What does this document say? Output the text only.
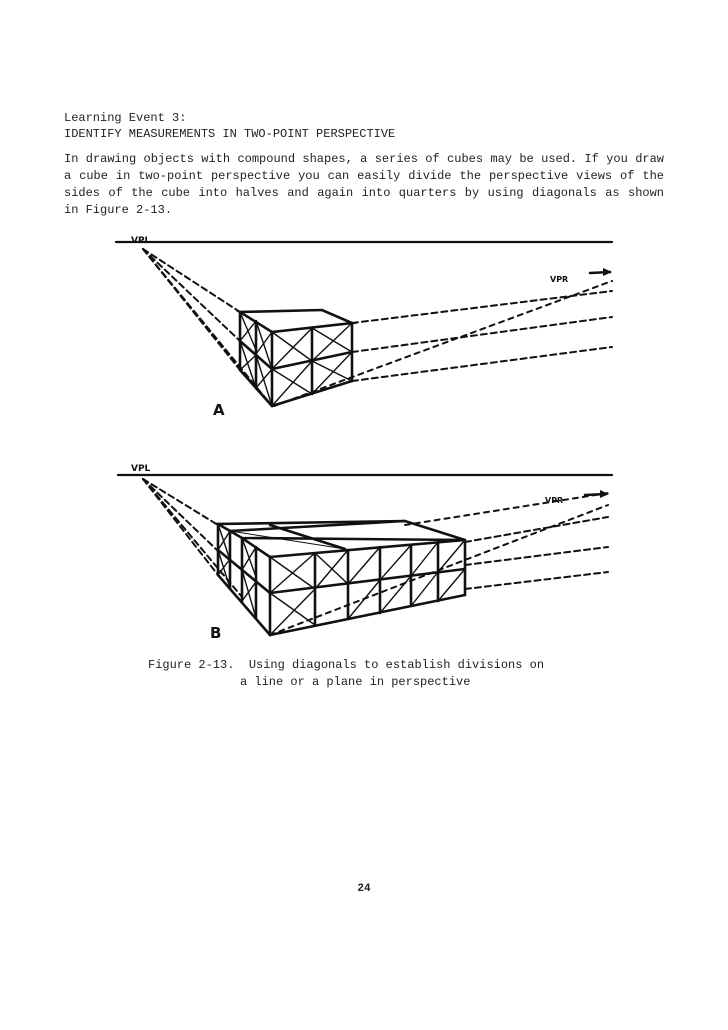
Learning Event 3:
IDENTIFY MEASUREMENTS IN TWO-POINT PERSPECTIVE
In drawing objects with compound shapes, a series of cubes may be used. If you draw a cube in two-point perspective you can easily divide the perspective views of the sides of the cube into halves and again into quarters by using diagonals as shown in Figure 2-13.
VPL
VPR
A
VPL
VPR
B
Figure 2-13.  Using diagonals to establish divisions on
a line or a plane in perspective
24
